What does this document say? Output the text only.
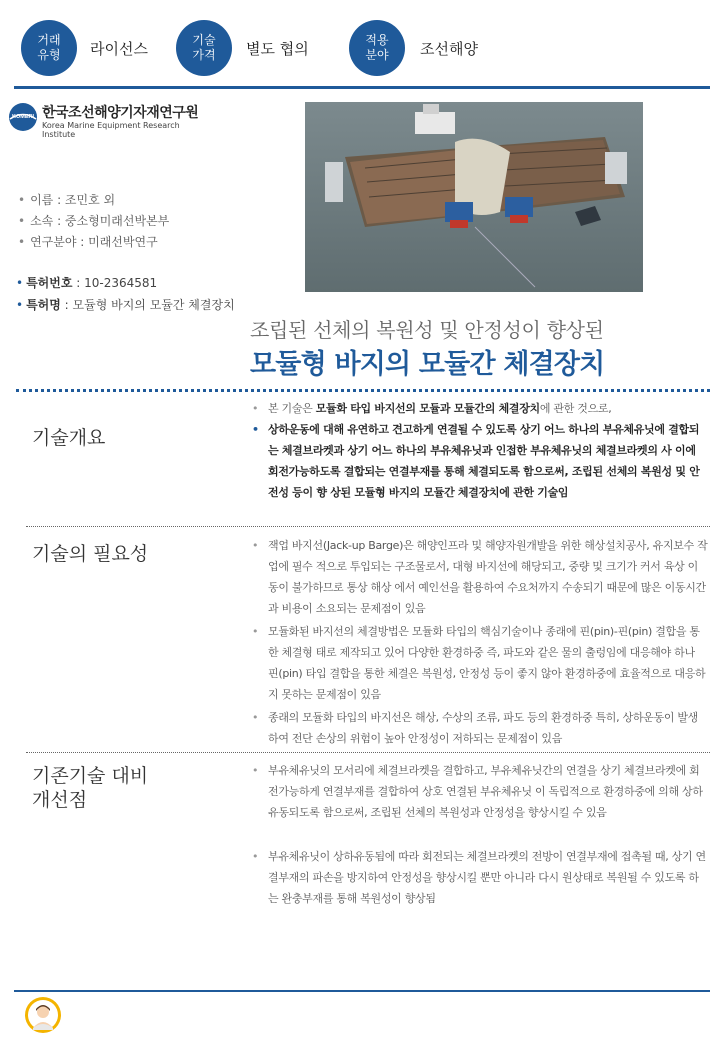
거래
유형 라이선스	기술
가격 별도 협의	적용
분야 조선해양
KOMERI 한국조선해양기자재연구원
Korea Marine Equipment Research Institute
• 이름 : 조민호 외
• 소속 : 중소형미래선박본부
• 연구분야 : 미래선박연구
• 특허번호 : 10-2364581
• 특허명 : 모듈형 바지의 모듈간 체결장치
조립된 선체의 복원성 및 안정성이 향상된
모듈형 바지의 모듈간 체결장치
기술개요
• 본 기술은 모듈화 타입 바지선의 모듈과 모듈간의 체결장치에 관한 것으로,
• 상하운동에 대해 유연하고 견고하게 연결될 수 있도록 상기 어느 하나의 부유체유닛에 결합되는 체결브라켓과 상기 어느 하나의 부유체유닛과 인접한 부유체유닛의 체결브라켓의 사 이에 회전가능하도록 결합되는 연결부재를 통해 체결되도록 함으로써, 조립된 선체의 복원성 및 안전성 등이 향 상된 모듈형 바지의 모듈간 체결장치에 관한 기술임
기술의 필요성	• 잭업 바지선(Jack-up Barge)은 해양인프라 및 해양자원개발을 위한 해상설치공사, 유지보수 작업에 필수 적으로 투입되는 구조물로서, 대형 바지선에 해당되고, 중량 및 크기가 커서 육상 이동이 불가하므로 통상 해상 에서 예인선을 활용하여 수요처까지 수송되기 때문에 많은 이동시간과 비용이 소요되는 문제점이 있음
• 모듈화된 바지선의 체결방법은 모듈화 타입의 핵심기술이나 종래에 핀(pin)-핀(pin) 결합을 통한 체결형 태로 제작되고 있어 다양한 환경하중 즉, 파도와 같은 물의 출렁임에 대응해야 하나 핀(pin) 타입 결합을 통한 체결은 복원성, 안정성 등이 좋지 않아 환경하중에 효율적으로 대응하지 못하는 문제점이 있음
• 종래의 모듈화 타입의 바지선은 해상, 수상의 조류, 파도 등의 환경하중 특히, 상하운동이 발생하여 전단 손상의 위험이 높아 안정성이 저하되는 문제점이 있음
기존기술 대비
개선점
• 부유체유닛의 모서리에 체결브라켓을 결합하고, 부유체유닛간의 연결을 상기 체결브라켓에 회전가능하게 연결부재를 결합하여 상호 연결된 부유체유닛 이 독립적으로 환경하중에 의해 상하유동되도록 함으로써, 조립된 선체의 복원성과 안정성을 향상시킬 수 있음
• 부유체유닛이 상하유동됨에 따라 회전되는 체결브라켓의 전방이 연결부재에 접촉될 때, 상기 연결부재의 파손을 방지하여 안정성을 향상시킬 뿐만 아니라 다시 원상태로 복원될 수 있도록 하는 완충부재를 통해 복원성이 향상됨
